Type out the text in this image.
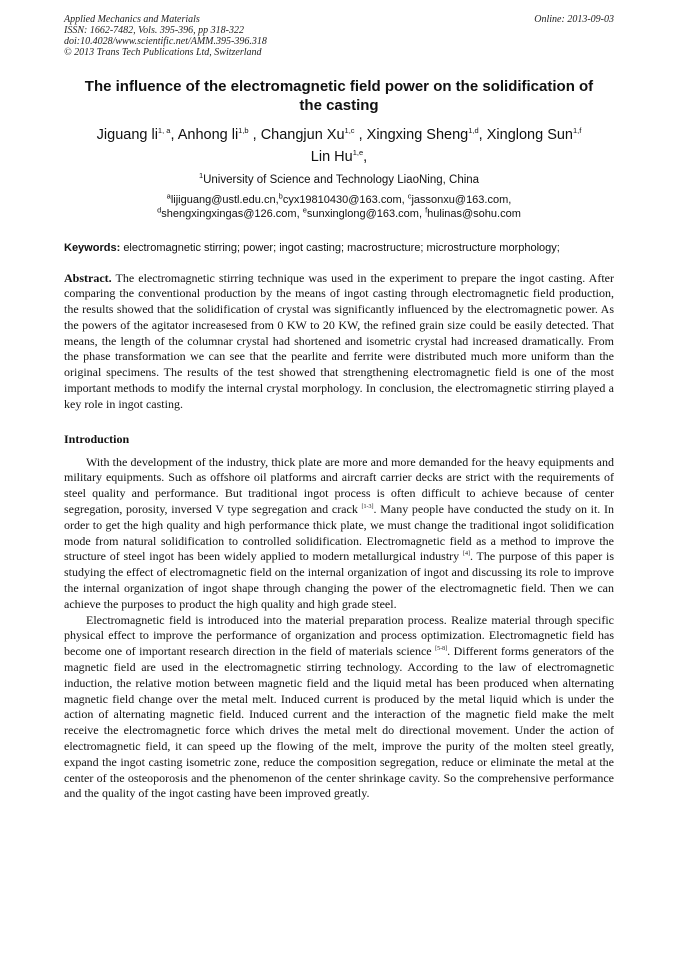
Applied Mechanics and Materials
ISSN: 1662-7482, Vols. 395-396, pp 318-322
doi:10.4028/www.scientific.net/AMM.395-396.318
© 2013 Trans Tech Publications Ltd, Switzerland
Online: 2013-09-03
The influence of the electromagnetic field power on the solidification of the casting
Jiguang li$^{1, a}$, Anhong li$^{1,b}$ , Changjun Xu$^{1,c}$ , Xingxing Sheng$^{1,d}$, Xinglong Sun$^{1,f}$
Lin Hu$^{1,e}$,
$^1$University of Science and Technology LiaoNing, China
$^a$lijiguang@ustl.edu.cn,$^b$cyx19810430@163.com, $^c$jassonxu@163.com,
$^d$shengxingxingas@126.com, $^e$sunxinglong@163.com, $^f$hulinas@sohu.com
Keywords: electromagnetic stirring; power; ingot casting; macrostructure; microstructure morphology;
Abstract. The electromagnetic stirring technique was used in the experiment to prepare the ingot casting. After comparing the conventional production by the means of ingot casting through electromagnetic field production, the results showed that the solidification of crystal was significantly influenced by the electromagnetic power. As the powers of the agitator increasesed from 0 KW to 20 KW, the refined grain size could be easily detected. That means, the length of the columnar crystal had shortened and isometric crystal had increased dramatically. From the phase transformation we can see that the pearlite and ferrite were distributed much more uniform than the original specimens. The results of the test showed that strengthening electromagnetic field is one of the most important methods to modify the internal crystal morphology. In conclusion, the electromagnetic stirring played a key role in ingot casting.
Introduction

With the development of the industry, thick plate are more and more demanded for the heavy equipments and military equipments. Such as offshore oil platforms and aircraft carrier decks are strict with the requirements of steel quality and performance. But traditional ingot process is often difficult to achieve because of center segregation, porosity, inversed V type segregation and crack [1-3]. Many people have conducted the study on it. In order to get the high quality and high performance thick plate, we must change the traditional ingot solidification mode from natural solidification to controlled solidification. Electromagnetic field as a method to improve the structure of steel ingot has been widely applied to modern metallurgical industry [4]. The purpose of this paper is studying the effect of electromagnetic field on the internal organization of ingot and discussing its role to improve the internal organization of ingot shape through changing the power of the electromagnetic field. Then we can achieve the purposes to product the high quality and high grade steel.

Electromagnetic field is introduced into the material preparation process. Realize material through specific physical effect to improve the performance of organization and process optimization. Electromagnetic field has become one of important research direction in the field of materials science [5-8]. Different forms generators of the magnetic field are used in the electromagnetic stirring technology. According to the law of electromagnetic induction, the relative motion between magnetic field and the liquid metal has been produced when alternating magnetic field change over the metal melt. Induced current is produced by the metal liquid which is under the action of alternating magnetic field. Induced current and the interaction of the magnetic field make the melt receive the electromagnetic force which drives the metal melt do directional movement. Under the action of electromagnetic field, it can speed up the flowing of the melt, improve the purity of the molten steel greatly, expand the ingot casting isometric zone, reduce the composition segregation, reduce or eliminate the metal at the center of the osteoporosis and the phenomenon of the center shrinkage cavity. So the comprehensive performance and the quality of the ingot casting have been improved greatly.
